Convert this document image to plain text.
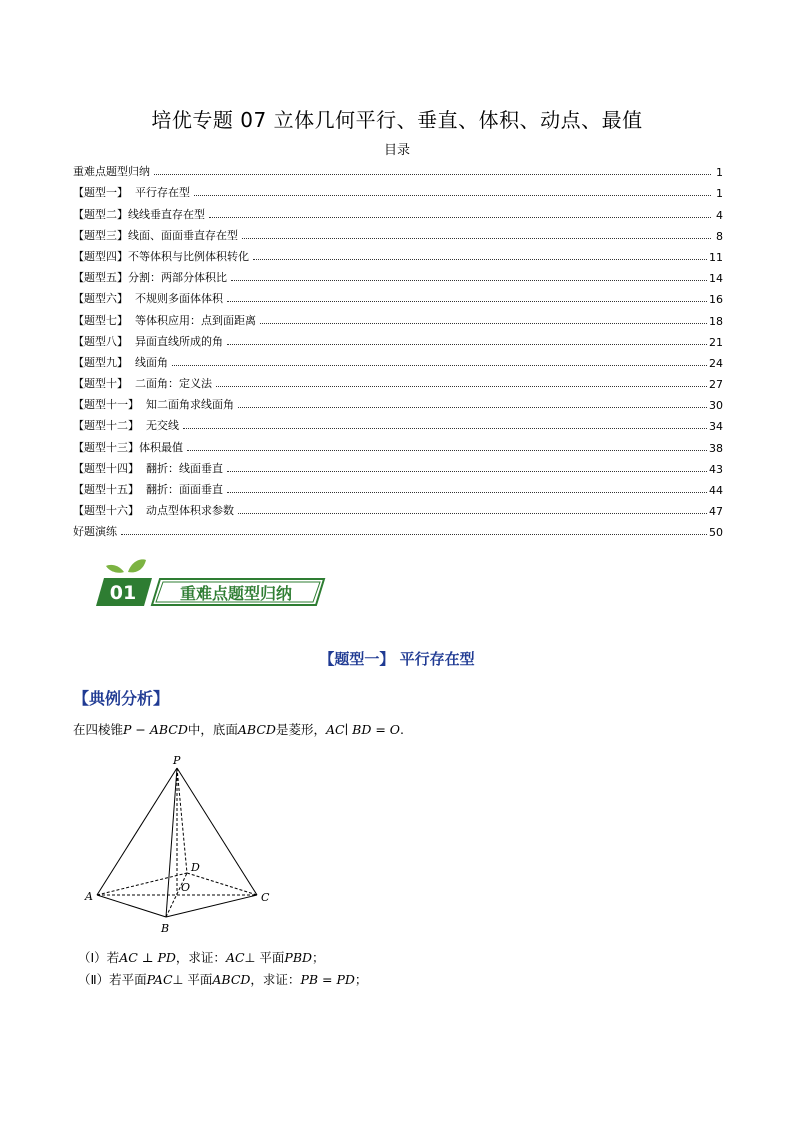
培优专题 07 立体几何平行、垂直、体积、动点、最值
目录
重难点题型归纳	1
【题型一】  平行存在型	1
【题型二】线线垂直存在型	4
【题型三】线面、面面垂直存在型	8
【题型四】不等体积与比例体积转化	11
【题型五】分割：两部分体积比	14
【题型六】  不规则多面体体积	16
【题型七】  等体积应用：点到面距离	18
【题型八】  异面直线所成的角	21
【题型九】  线面角	24
【题型十】  二面角：定义法	27
【题型十一】  知二面角求线面角	30
【题型十二】  无交线	34
【题型十三】体积最值	38
【题型十四】  翻折：线面垂直	43
【题型十五】  翻折：面面垂直	44
【题型十六】  动点型体积求参数	47
好题演练	50
01	重难点题型归纳
【题型一】 平行存在型
【典例分析】
在四棱锥P − ABCD中，底面ABCD是菱形，AC∣ BD = O.
P
A
B
C
D
O
（Ⅰ）若AC ⊥ PD，求证：AC⊥ 平面PBD；
（Ⅱ）若平面PAC⊥ 平面ABCD，求证：PB = PD；
